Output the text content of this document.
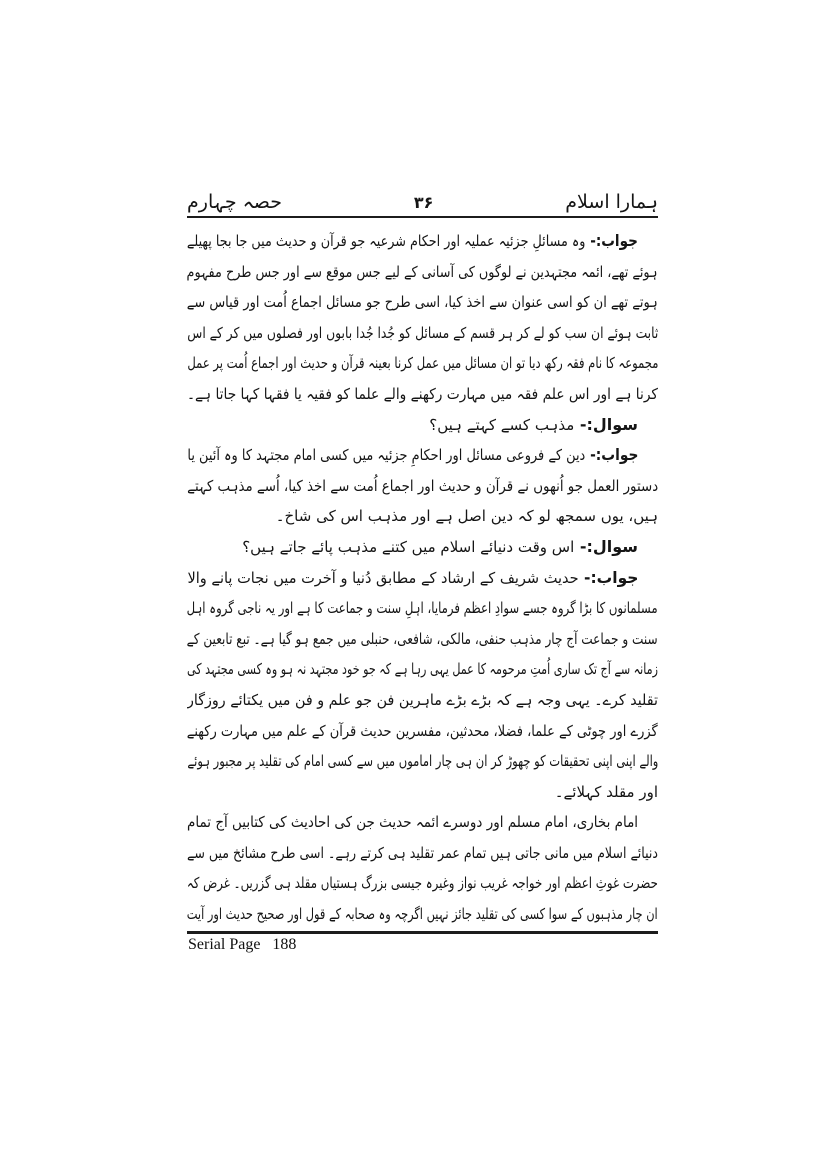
ہمارا اسلام
۳۶
حصہ چہارم
جواب:- وہ مسائلِ جزئیہ عملیہ اور احکام شرعیہ جو قرآن و حدیث میں جا بجا پھیلے
ہوئے تھے، ائمہ مجتہدین نے لوگوں کی آسانی کے لیے جس موقع سے اور جس طرح مفہوم
ہوتے تھے ان کو اسی عنوان سے اخذ کیا، اسی طرح جو مسائل اجماع اُمت اور قیاس سے
ثابت ہوئے ان سب کو لے کر ہر قسم کے مسائل کو جُدا جُدا بابوں اور فصلوں میں کر کے اس
مجموعہ کا نام فقہ رکھ دیا تو ان مسائل میں عمل کرنا بعینہ قرآن و حدیث اور اجماع اُمت پر عمل
کرنا ہے اور اس علم فقہ میں مہارت رکھنے والے علما کو فقیہ یا فقہا کہا جاتا ہے۔
سوال:- مذہب کسے کہتے ہیں؟
جواب:- دین کے فروعی مسائل اور احکامِ جزئیہ میں کسی امام مجتہد کا وہ آئین یا
دستور العمل جو اُنھوں نے قرآن و حدیث اور اجماع اُمت سے اخذ کیا، اُسے مذہب کہتے
ہیں، یوں سمجھ لو کہ دین اصل ہے اور مذہب اس کی شاخ۔
سوال:- اس وقت دنیائے اسلام میں کتنے مذہب پائے جاتے ہیں؟
جواب:- حدیث شریف کے ارشاد کے مطابق دُنیا و آخرت میں نجات پانے والا
مسلمانوں کا بڑا گروہ جسے سوادِ اعظم فرمایا، اہلِ سنت و جماعت کا ہے اور یہ ناجی گروہ اہل
سنت و جماعت آج چار مذہب حنفی، مالکی، شافعی، حنبلی میں جمع ہو گیا ہے۔ تبع تابعین کے
زمانہ سے آج تک ساری اُمتِ مرحومہ کا عمل یہی رہا ہے کہ جو خود مجتہد نہ ہو وہ کسی مجتہد کی
تقلید کرے۔ یہی وجہ ہے کہ بڑے بڑے ماہرین فن جو علم و فن میں یکتائے روزگار
گزرے اور چوٹی کے علما، فضلا، محدثین، مفسرین حدیث قرآن کے علم میں مہارت رکھنے
والے اپنی اپنی تحقیقات کو چھوڑ کر ان ہی چار اماموں میں سے کسی امام کی تقلید پر مجبور ہوئے
اور مقلد کہلائے۔
امام بخاری، امام مسلم اور دوسرے ائمہ حدیث جن کی احادیث کی کتابیں آج تمام
دنیائے اسلام میں مانی جاتی ہیں تمام عمر تقلید ہی کرتے رہے۔ اسی طرح مشائخ میں سے
حضرت غوثِ اعظم اور خواجہ غریب نواز وغیرہ جیسی بزرگ ہستیاں مقلد ہی گزریں۔ غرض کہ
ان چار مذہبوں کے سوا کسی کی تقلید جائز نہیں اگرچہ وہ صحابہ کے قول اور صحیح حدیث اور آیت
Serial Page 188
